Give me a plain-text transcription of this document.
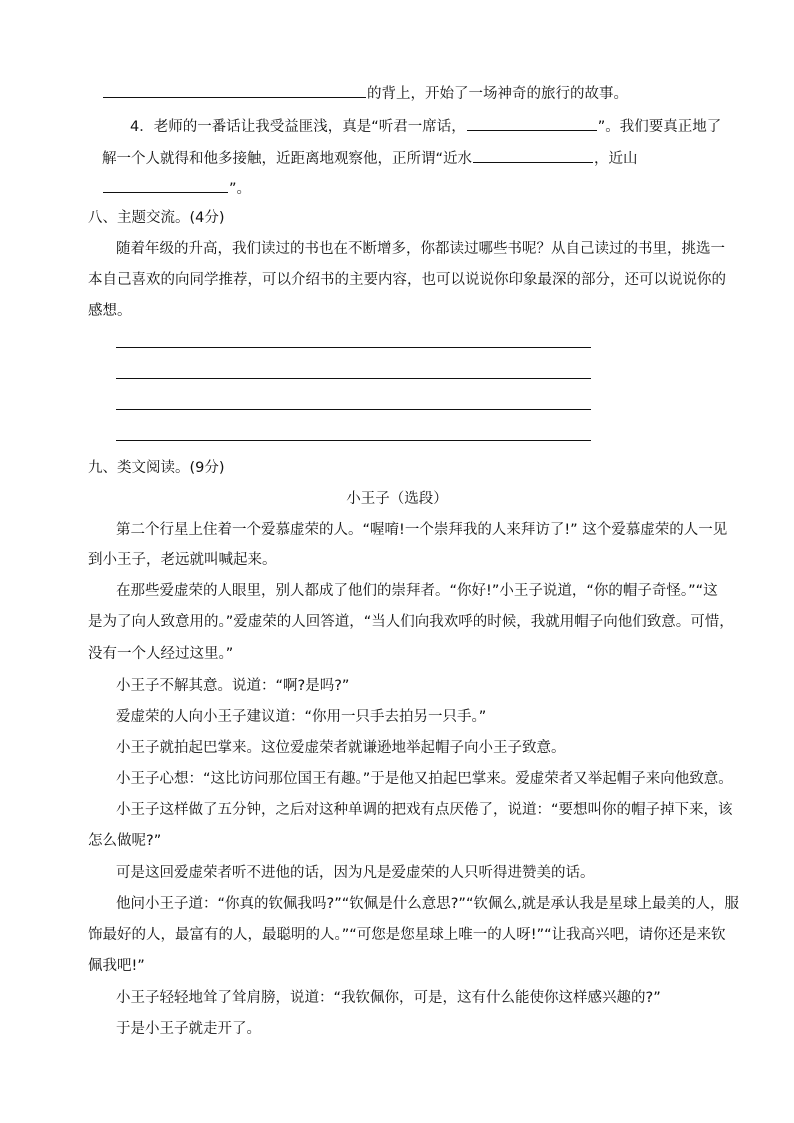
的背上，开始了一场神奇的旅行的故事。
4．老师的一番话让我受益匪浅，真是“听君一席话，	”。我们要真正地了
解一个人就得和他多接触，近距离地观察他，正所谓“近水	，近山
”。
八、主题交流。(4分)
随着年级的升高，我们读过的书也在不断增多，你都读过哪些书呢？从自己读过的书里，挑选一
本自己喜欢的向同学推荐，可以介绍书的主要内容，也可以说说你印象最深的部分，还可以说说你的
感想。
九、类文阅读。(9分)
小王子（选段）
第二个行星上住着一个爱慕虚荣的人。“喔唷!一个崇拜我的人来拜访了!” 这个爱慕虚荣的人一见
到小王子，老远就叫喊起来。
在那些爱虚荣的人眼里，别人都成了他们的崇拜者。“你好!”小王子说道，“你的帽子奇怪。”“这
是为了向人致意用的。”爱虚荣的人回答道，“当人们向我欢呼的时候，我就用帽子向他们致意。可惜，
没有一个人经过这里。”
小王子不解其意。说道：“啊?是吗?”
爱虚荣的人向小王子建议道：“你用一只手去拍另一只手。”
小王子就拍起巴掌来。这位爱虚荣者就谦逊地举起帽子向小王子致意。
小王子心想：“这比访问那位国王有趣。”于是他又拍起巴掌来。爱虚荣者又举起帽子来向他致意。
小王子这样做了五分钟，之后对这种单调的把戏有点厌倦了，说道：“要想叫你的帽子掉下来，该
怎么做呢?”
可是这回爱虚荣者听不进他的话，因为凡是爱虚荣的人只听得进赞美的话。
他问小王子道：“你真的钦佩我吗?”“钦佩是什么意思?”“钦佩么,就是承认我是星球上最美的人，服
饰最好的人，最富有的人，最聪明的人。”“可您是您星球上唯一的人呀!”“让我高兴吧，请你还是来钦
佩我吧!”
小王子轻轻地耸了耸肩膀，说道：“我钦佩你，可是，这有什么能使你这样感兴趣的?”
于是小王子就走开了。
